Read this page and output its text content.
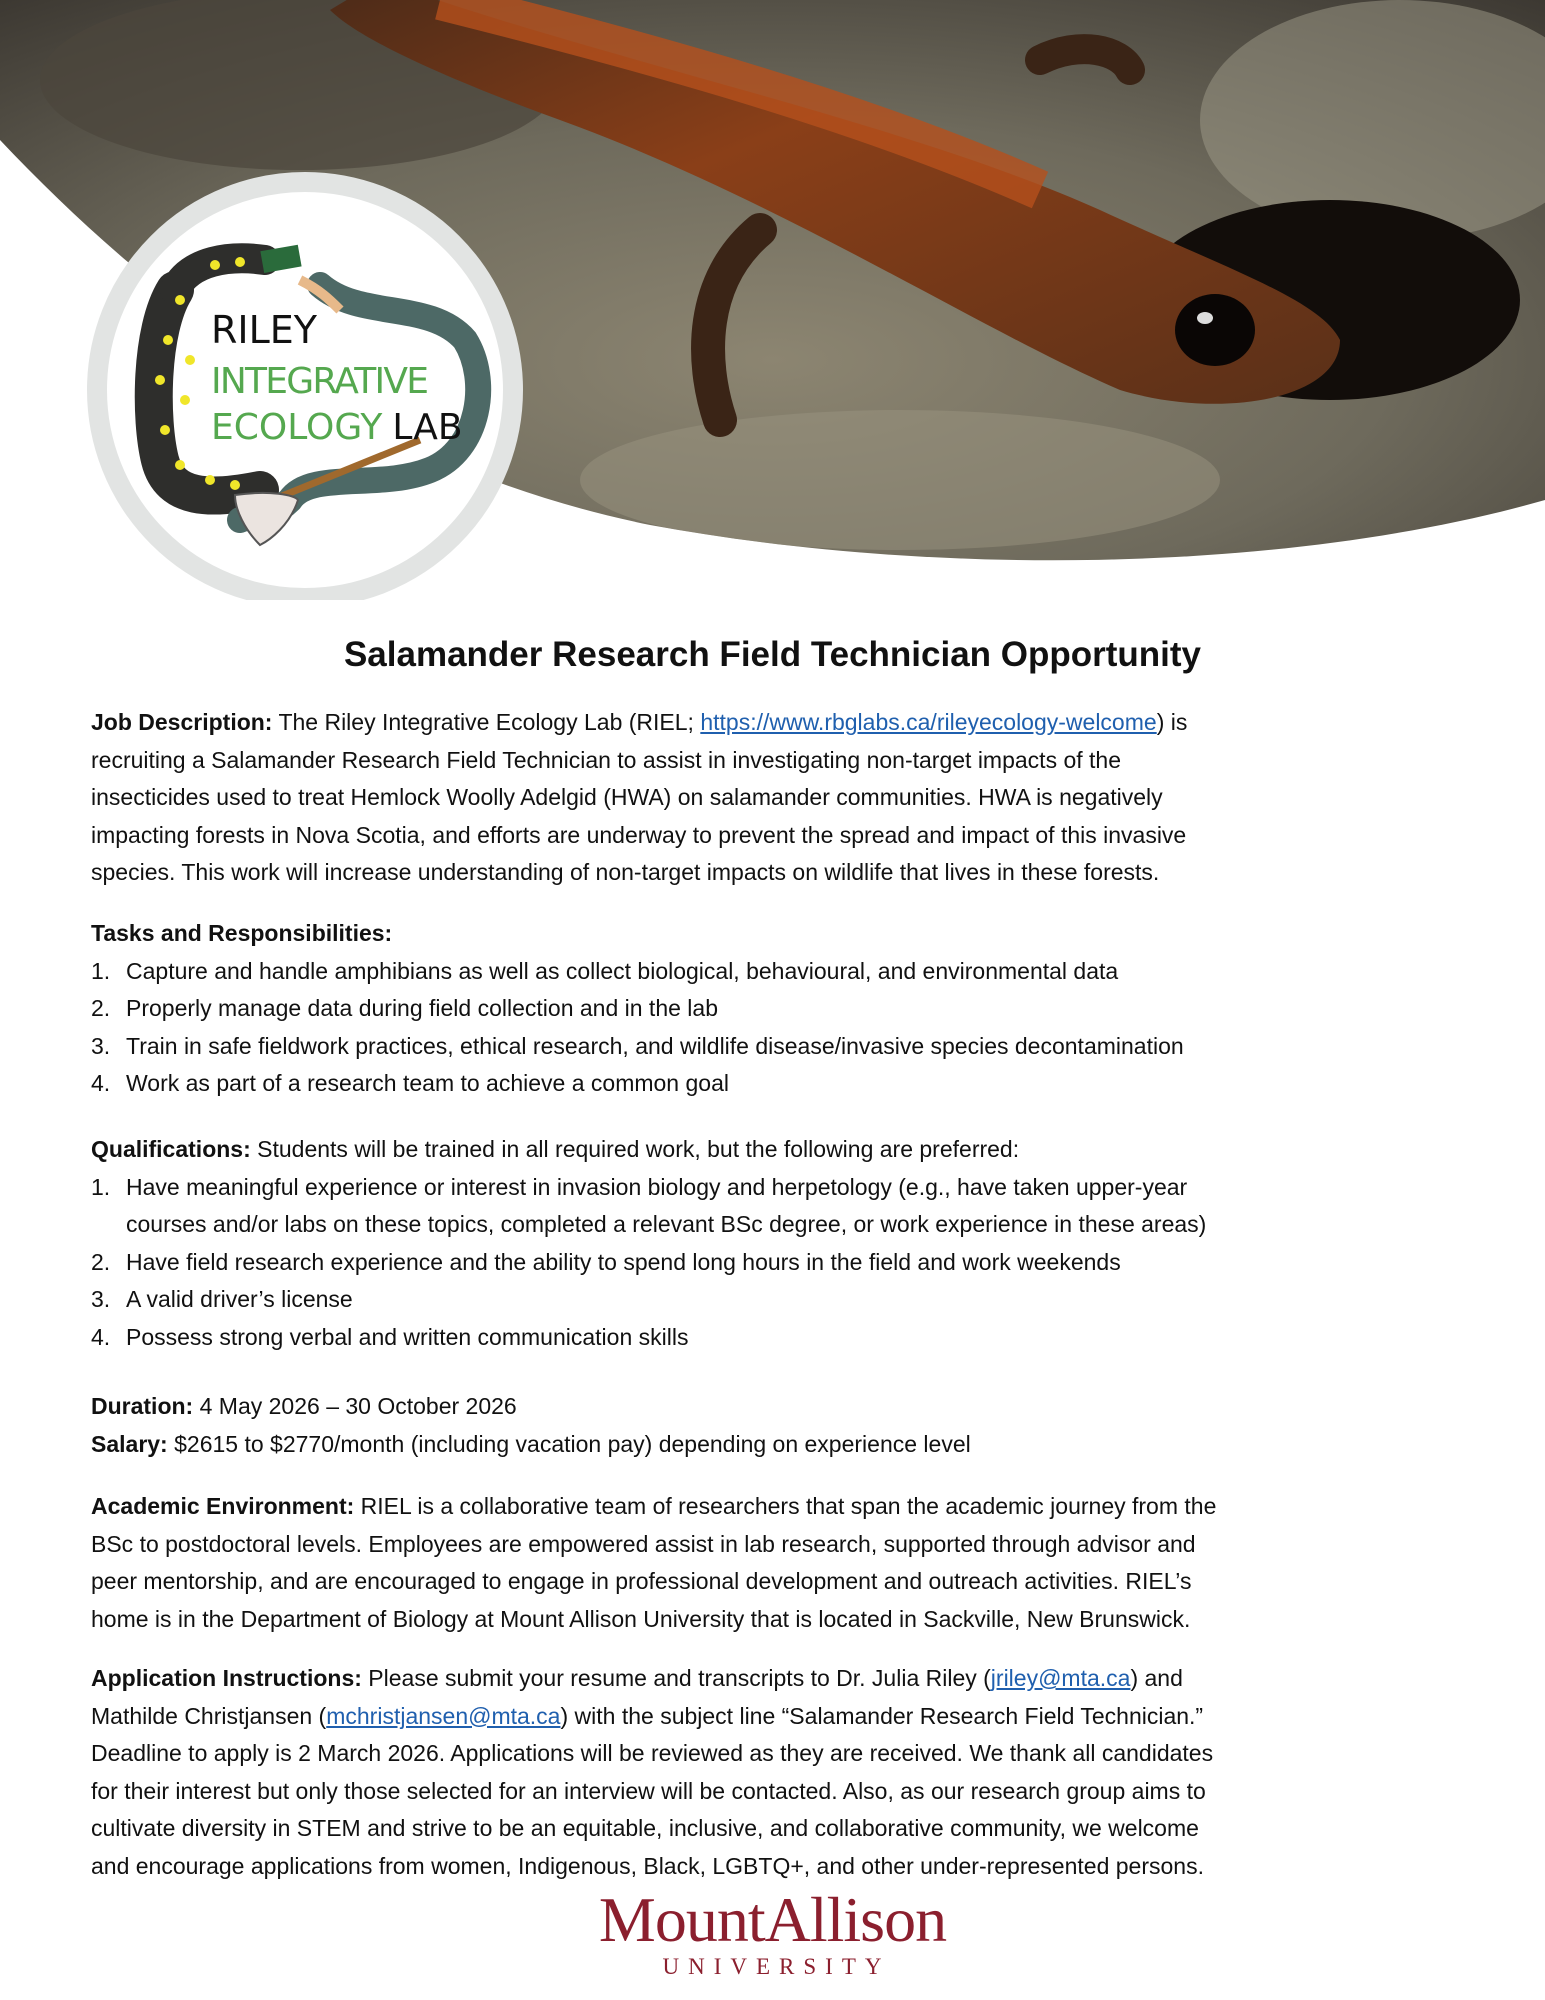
RILEY
INTEGRATIVE
ECOLOGY LAB
Salamander Research Field Technician Opportunity
Job Description: The Riley Integrative Ecology Lab (RIEL; https://www.rbglabs.ca/rileyecology-welcome) is
recruiting a Salamander Research Field Technician to assist in investigating non-target impacts of the
insecticides used to treat Hemlock Woolly Adelgid (HWA) on salamander communities. HWA is negatively
impacting forests in Nova Scotia, and efforts are underway to prevent the spread and impact of this invasive
species. This work will increase understanding of non-target impacts on wildlife that lives in these forests.
Tasks and Responsibilities:
1. Capture and handle amphibians as well as collect biological, behavioural, and environmental data
2. Properly manage data during field collection and in the lab
3. Train in safe fieldwork practices, ethical research, and wildlife disease/invasive species decontamination
4. Work as part of a research team to achieve a common goal
Qualifications: Students will be trained in all required work, but the following are preferred:
1. Have meaningful experience or interest in invasion biology and herpetology (e.g., have taken upper-year
courses and/or labs on these topics, completed a relevant BSc degree, or work experience in these areas)
2. Have field research experience and the ability to spend long hours in the field and work weekends
3. A valid driver’s license
4. Possess strong verbal and written communication skills
Duration: 4 May 2026 – 30 October 2026
Salary: $2615 to $2770/month (including vacation pay) depending on experience level
Academic Environment: RIEL is a collaborative team of researchers that span the academic journey from the
BSc to postdoctoral levels. Employees are empowered assist in lab research, supported through advisor and
peer mentorship, and are encouraged to engage in professional development and outreach activities. RIEL’s
home is in the Department of Biology at Mount Allison University that is located in Sackville, New Brunswick.
Application Instructions: Please submit your resume and transcripts to Dr. Julia Riley (jriley@mta.ca) and
Mathilde Christjansen (mchristjansen@mta.ca) with the subject line “Salamander Research Field Technician.”
Deadline to apply is 2 March 2026. Applications will be reviewed as they are received. We thank all candidates
for their interest but only those selected for an interview will be contacted. Also, as our research group aims to
cultivate diversity in STEM and strive to be an equitable, inclusive, and collaborative community, we welcome
and encourage applications from women, Indigenous, Black, LGBTQ+, and other under-represented persons.
MountAllison
UNIVERSITY
